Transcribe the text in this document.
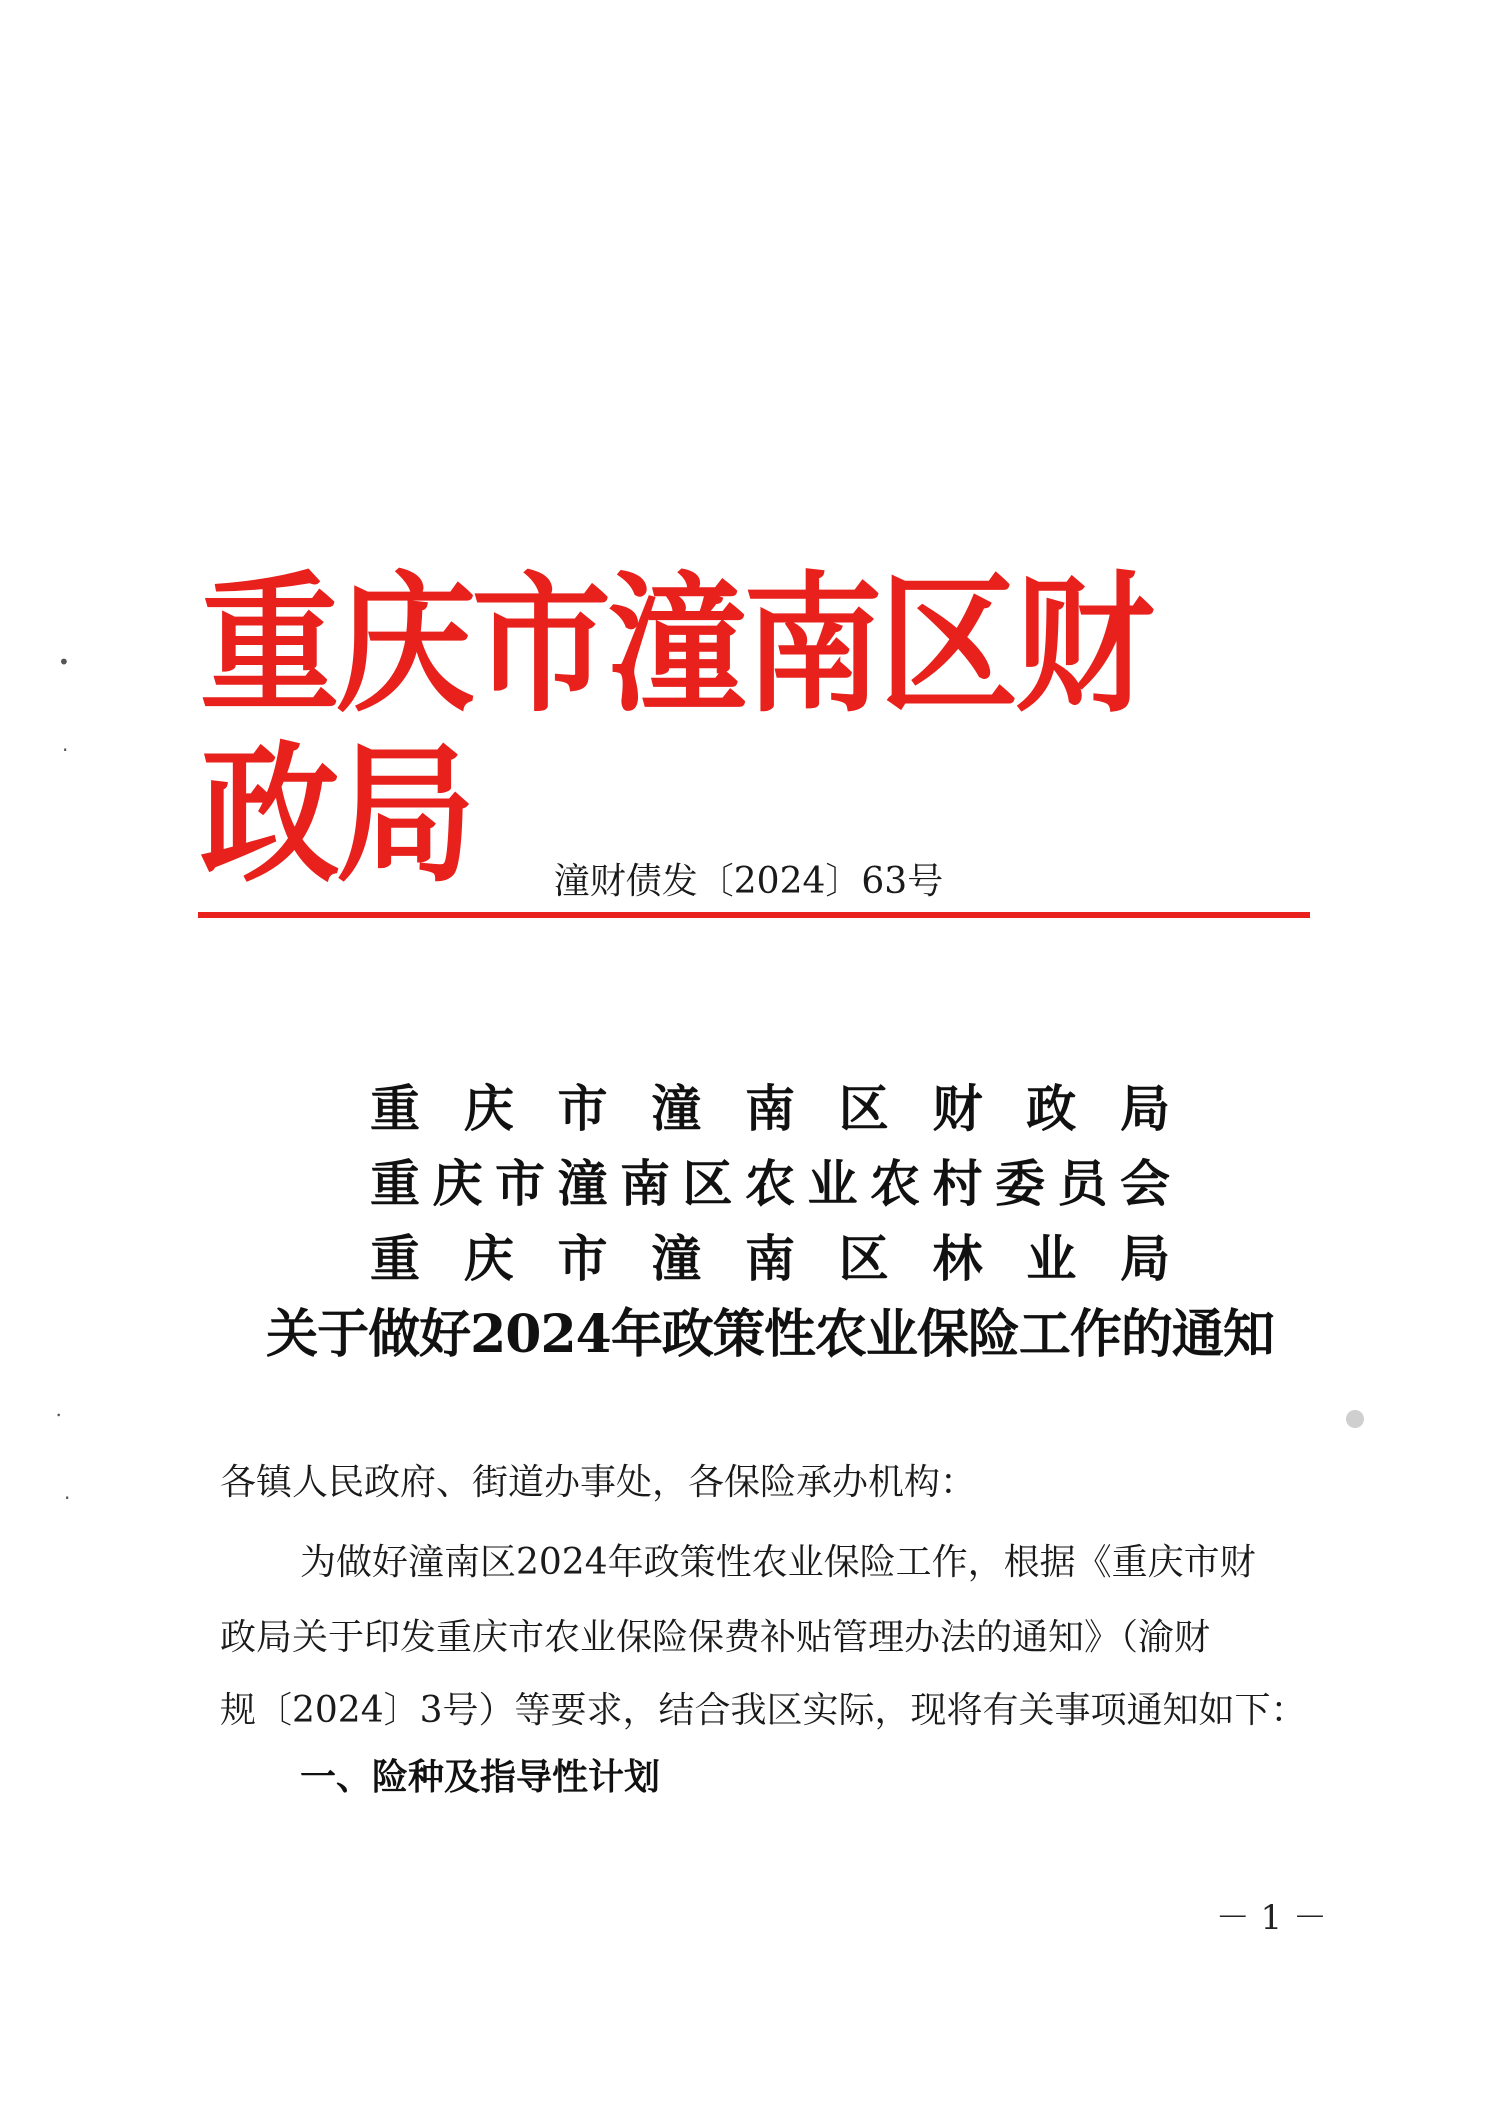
•
·
⸱
·
重庆市潼南区财政局	潼财债发〔2024〕63号
重 庆 市 潼 南 区 财 政 局
重 庆 市 潼 南 区 农 业 农 村 委 员 会
重 庆 市 潼 南 区 林 业 局
关于做好2024年政策性农业保险工作的通知
各镇人民政府、街道办事处，各保险承办机构：
为做好潼南区2024年政策性农业保险工作，根据《重庆市财
政局关于印发重庆市农业保险保费补贴管理办法的通知》（渝财
规〔2024〕3号）等要求，结合我区实际，现将有关事项通知如下：
一、险种及指导性计划
－ 1 －
